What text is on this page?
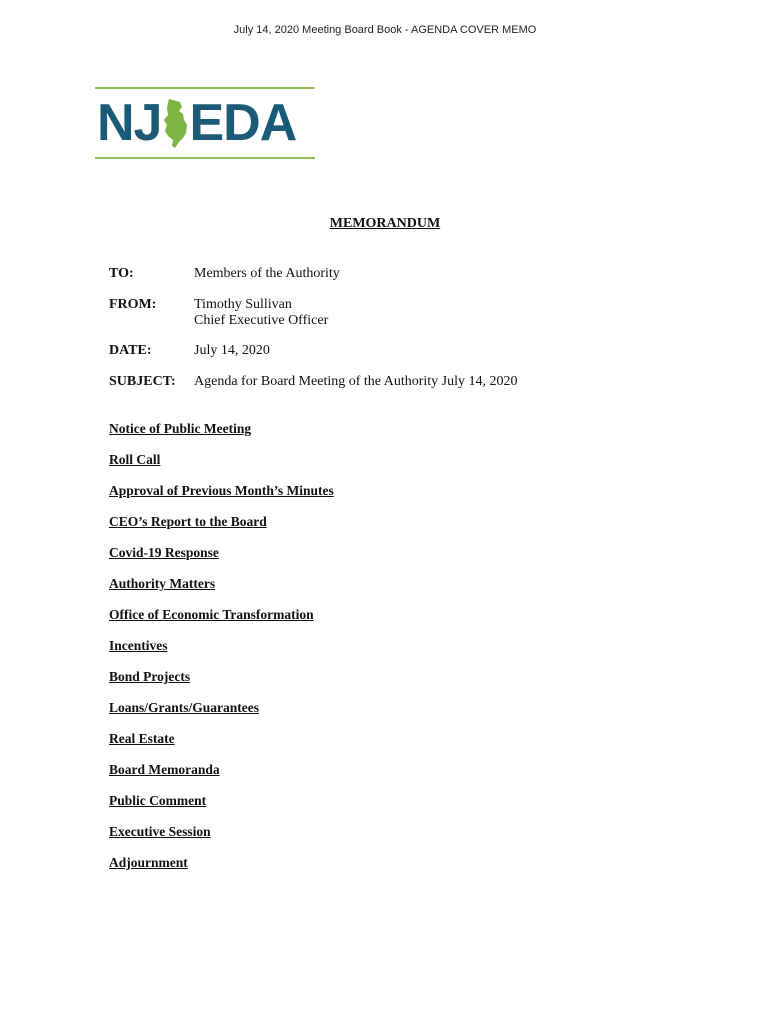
July 14, 2020 Meeting Board Book - AGENDA COVER MEMO
NJ EDA
MEMORANDUM
TO:	Members of the Authority
FROM:	Timothy Sullivan
Chief Executive Officer
DATE:	July 14, 2020
SUBJECT:	Agenda for Board Meeting of the Authority July 14, 2020
Notice of Public Meeting
Roll Call
Approval of Previous Month’s Minutes
CEO’s Report to the Board
Covid-19 Response
Authority Matters
Office of Economic Transformation
Incentives
Bond Projects
Loans/Grants/Guarantees
Real Estate
Board Memoranda
Public Comment
Executive Session
Adjournment
